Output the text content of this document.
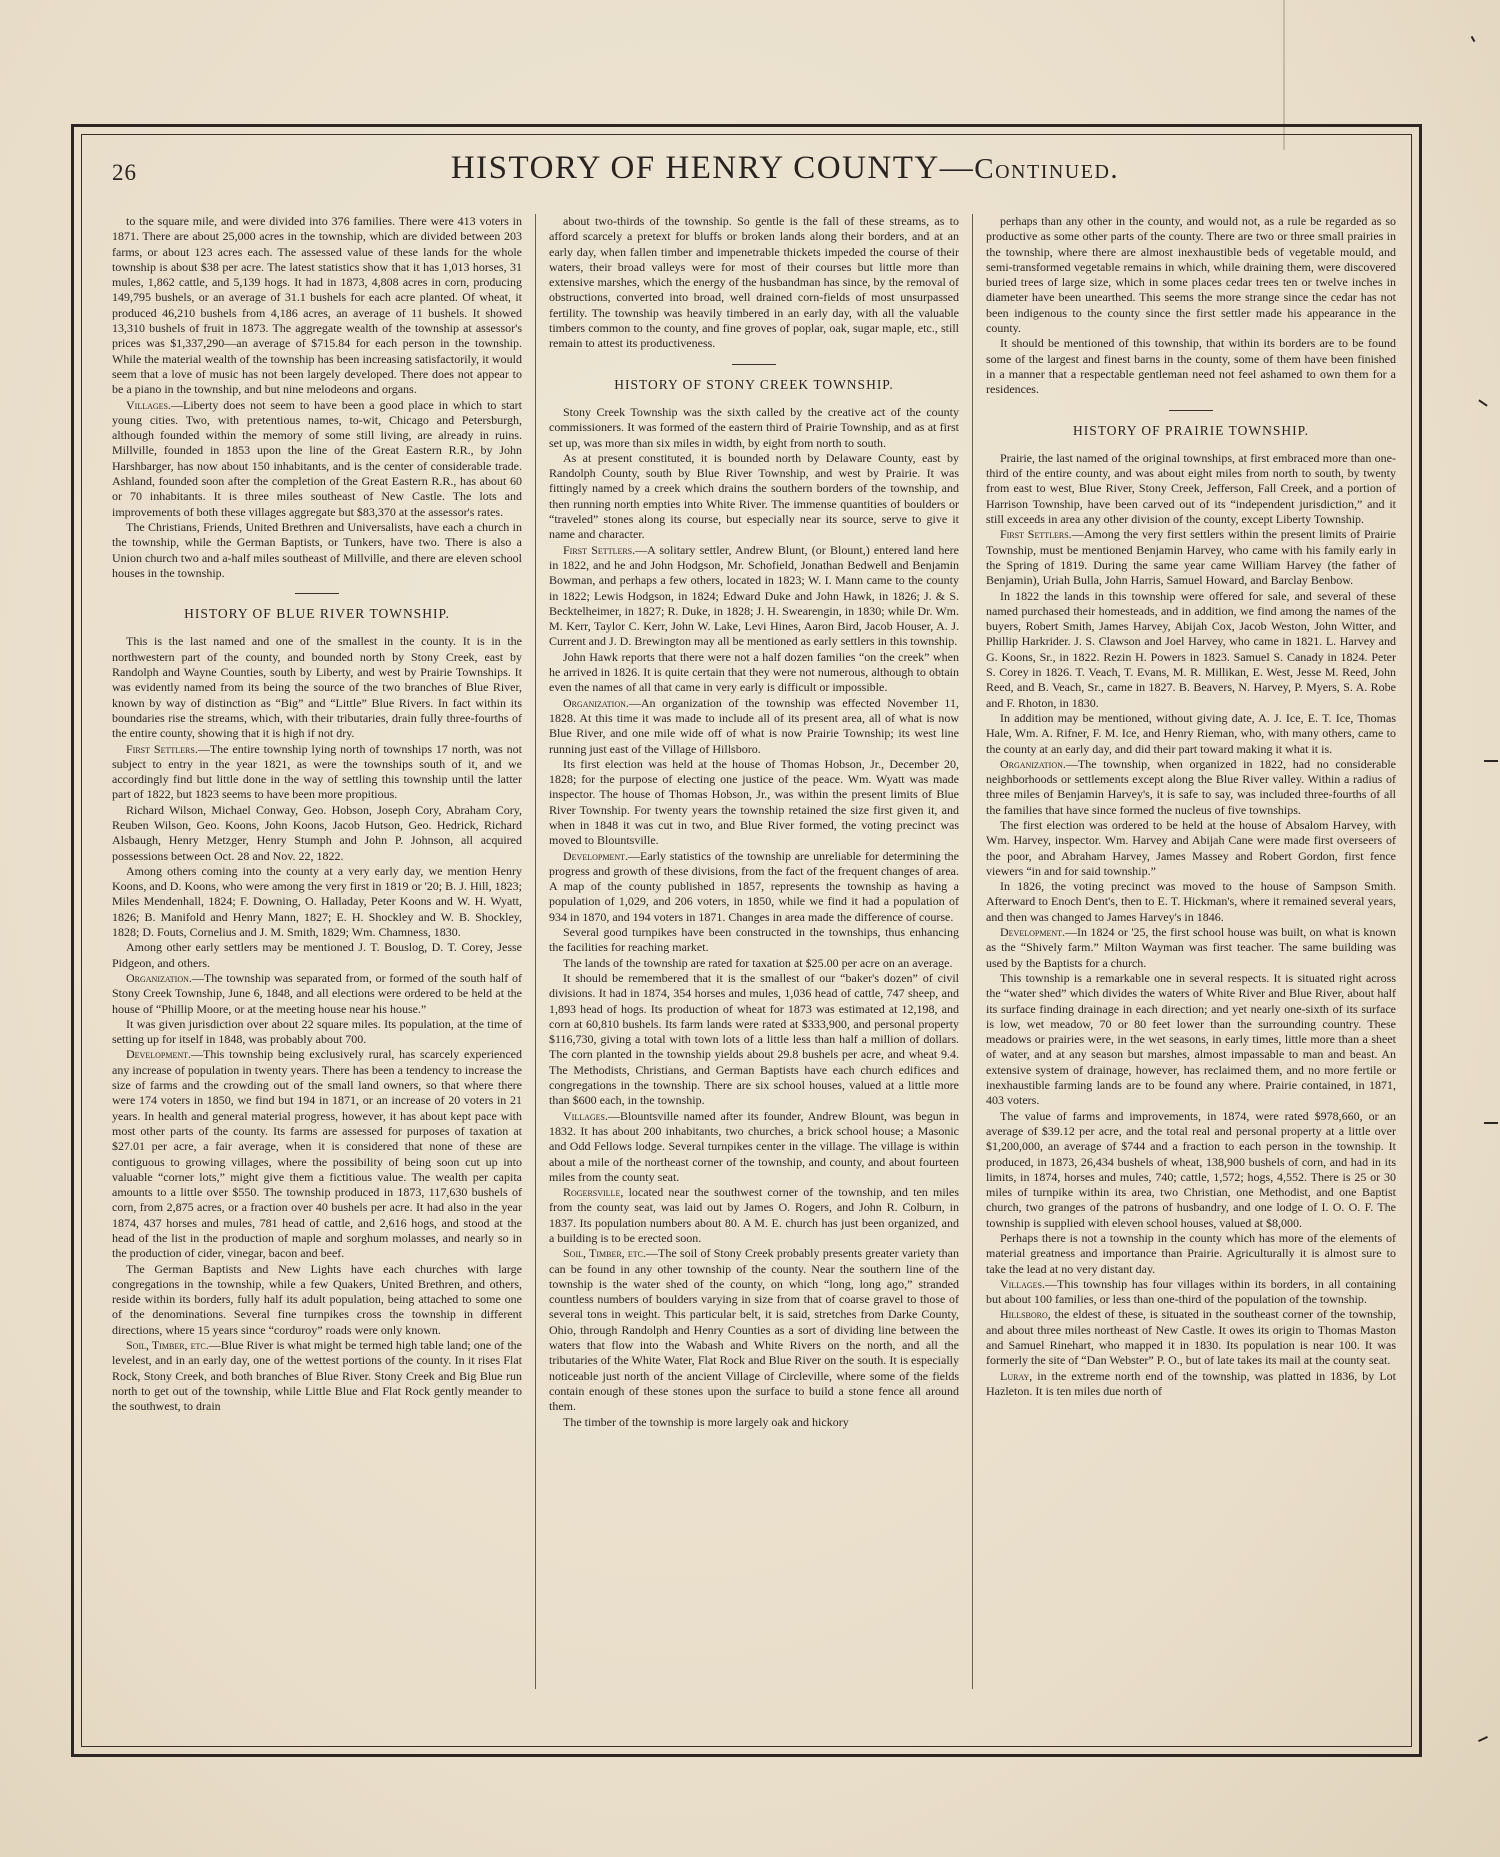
26	HISTORY OF HENRY COUNTY—Continued.

to the square mile, and were divided into 376 families. There were 413 voters in 1871. There are about 25,000 acres in the township, which are divided between 203 farms, or about 123 acres each. The assessed value of these lands for the whole township is about $38 per acre. The latest statistics show that it has 1,013 horses, 31 mules, 1,862 cattle, and 5,139 hogs. It had in 1873, 4,808 acres in corn, producing 149,795 bushels, or an average of 31.1 bushels for each acre planted. Of wheat, it produced 46,210 bushels from 4,186 acres, an average of 11 bushels. It showed 13,310 bushels of fruit in 1873. The aggregate wealth of the township at assessor's prices was $1,337,290—an average of $715.84 for each person in the township. While the material wealth of the township has been increasing satisfactorily, it would seem that a love of music has not been largely developed. There does not appear to be a piano in the township, and but nine melodeons and organs.

Villages.—Liberty does not seem to have been a good place in which to start young cities. Two, with pretentious names, to-wit, Chicago and Petersburgh, although founded within the memory of some still living, are already in ruins. Millville, founded in 1853 upon the line of the Great Eastern R.R., by John Harshbarger, has now about 150 inhabitants, and is the center of considerable trade. Ashland, founded soon after the completion of the Great Eastern R.R., has about 60 or 70 inhabitants. It is three miles southeast of New Castle. The lots and improvements of both these villages aggregate but $83,370 at the assessor's rates.

The Christians, Friends, United Brethren and Universalists, have each a church in the township, while the German Baptists, or Tunkers, have two. There is also a Union church two and a-half miles southeast of Millville, and there are eleven school houses in the township.

HISTORY OF BLUE RIVER TOWNSHIP.

This is the last named and one of the smallest in the county. It is in the northwestern part of the county, and bounded north by Stony Creek, east by Randolph and Wayne Counties, south by Liberty, and west by Prairie Townships. It was evidently named from its being the source of the two branches of Blue River, known by way of distinction as “Big” and “Little” Blue Rivers. In fact within its boundaries rise the streams, which, with their tributaries, drain fully three-fourths of the entire county, showing that it is high if not dry.

First Settlers.—The entire township lying north of townships 17 north, was not subject to entry in the year 1821, as were the townships south of it, and we accordingly find but little done in the way of settling this township until the latter part of 1822, but 1823 seems to have been more propitious.

Richard Wilson, Michael Conway, Geo. Hobson, Joseph Cory, Abraham Cory, Reuben Wilson, Geo. Koons, John Koons, Jacob Hutson, Geo. Hedrick, Richard Alsbaugh, Henry Metzger, Henry Stumph and John P. Johnson, all acquired possessions between Oct. 28 and Nov. 22, 1822.

Among others coming into the county at a very early day, we mention Henry Koons, and D. Koons, who were among the very first in 1819 or '20; B. J. Hill, 1823; Miles Mendenhall, 1824; F. Downing, O. Halladay, Peter Koons and W. H. Wyatt, 1826; B. Manifold and Henry Mann, 1827; E. H. Shockley and W. B. Shockley, 1828; D. Fouts, Cornelius and J. M. Smith, 1829; Wm. Chamness, 1830.

Among other early settlers may be mentioned J. T. Bouslog, D. T. Corey, Jesse Pidgeon, and others.

Organization.—The township was separated from, or formed of the south half of Stony Creek Township, June 6, 1848, and all elections were ordered to be held at the house of “Phillip Moore, or at the meeting house near his house.”

It was given jurisdiction over about 22 square miles. Its population, at the time of setting up for itself in 1848, was probably about 700.

Development.—This township being exclusively rural, has scarcely experienced any increase of population in twenty years. There has been a tendency to increase the size of farms and the crowding out of the small land owners, so that where there were 174 voters in 1850, we find but 194 in 1871, or an increase of 20 voters in 21 years. In health and general material progress, however, it has about kept pace with most other parts of the county. Its farms are assessed for purposes of taxation at $27.01 per acre, a fair average, when it is considered that none of these are contiguous to growing villages, where the possibility of being soon cut up into valuable “corner lots,” might give them a fictitious value. The wealth per capita amounts to a little over $550. The township produced in 1873, 117,630 bushels of corn, from 2,875 acres, or a fraction over 40 bushels per acre. It had also in the year 1874, 437 horses and mules, 781 head of cattle, and 2,616 hogs, and stood at the head of the list in the production of maple and sorghum molasses, and nearly so in the production of cider, vinegar, bacon and beef.

The German Baptists and New Lights have each churches with large congregations in the township, while a few Quakers, United Brethren, and others, reside within its borders, fully half its adult population, being attached to some one of the denominations. Several fine turnpikes cross the township in different directions, where 15 years since “corduroy” roads were only known.

Soil, Timber, etc.—Blue River is what might be termed high table land; one of the levelest, and in an early day, one of the wettest portions of the county. In it rises Flat Rock, Stony Creek, and both branches of Blue River. Stony Creek and Big Blue run north to get out of the township, while Little Blue and Flat Rock gently meander to the southwest, to drain

about two-thirds of the township. So gentle is the fall of these streams, as to afford scarcely a pretext for bluffs or broken lands along their borders, and at an early day, when fallen timber and impenetrable thickets impeded the course of their waters, their broad valleys were for most of their courses but little more than extensive marshes, which the energy of the husbandman has since, by the removal of obstructions, converted into broad, well drained corn-fields of most unsurpassed fertility. The township was heavily timbered in an early day, with all the valuable timbers common to the county, and fine groves of poplar, oak, sugar maple, etc., still remain to attest its productiveness.

HISTORY OF STONY CREEK TOWNSHIP.

Stony Creek Township was the sixth called by the creative act of the county commissioners. It was formed of the eastern third of Prairie Township, and as at first set up, was more than six miles in width, by eight from north to south.

As at present constituted, it is bounded north by Delaware County, east by Randolph County, south by Blue River Township, and west by Prairie. It was fittingly named by a creek which drains the southern borders of the township, and then running north empties into White River. The immense quantities of boulders or “traveled” stones along its course, but especially near its source, serve to give it name and character.

First Settlers.—A solitary settler, Andrew Blunt, (or Blount,) entered land here in 1822, and he and John Hodgson, Mr. Schofield, Jonathan Bedwell and Benjamin Bowman, and perhaps a few others, located in 1823; W. I. Mann came to the county in 1822; Lewis Hodgson, in 1824; Edward Duke and John Hawk, in 1826; J. & S. Becktelheimer, in 1827; R. Duke, in 1828; J. H. Swearengin, in 1830; while Dr. Wm. M. Kerr, Taylor C. Kerr, John W. Lake, Levi Hines, Aaron Bird, Jacob Houser, A. J. Current and J. D. Brewington may all be mentioned as early settlers in this township.

John Hawk reports that there were not a half dozen families “on the creek” when he arrived in 1826. It is quite certain that they were not numerous, although to obtain even the names of all that came in very early is difficult or impossible.

Organization.—An organization of the township was effected November 11, 1828. At this time it was made to include all of its present area, all of what is now Blue River, and one mile wide off of what is now Prairie Township; its west line running just east of the Village of Hillsboro.

Its first election was held at the house of Thomas Hobson, Jr., December 20, 1828; for the purpose of electing one justice of the peace. Wm. Wyatt was made inspector. The house of Thomas Hobson, Jr., was within the present limits of Blue River Township. For twenty years the township retained the size first given it, and when in 1848 it was cut in two, and Blue River formed, the voting precinct was moved to Blountsville.

Development.—Early statistics of the township are unreliable for determining the progress and growth of these divisions, from the fact of the frequent changes of area. A map of the county published in 1857, represents the township as having a population of 1,029, and 206 voters, in 1850, while we find it had a population of 934 in 1870, and 194 voters in 1871. Changes in area made the difference of course.

Several good turnpikes have been constructed in the townships, thus enhancing the facilities for reaching market.

The lands of the township are rated for taxation at $25.00 per acre on an average.

It should be remembered that it is the smallest of our “baker's dozen” of civil divisions. It had in 1874, 354 horses and mules, 1,036 head of cattle, 747 sheep, and 1,893 head of hogs. Its production of wheat for 1873 was estimated at 12,198, and corn at 60,810 bushels. Its farm lands were rated at $333,900, and personal property $116,730, giving a total with town lots of a little less than half a million of dollars. The corn planted in the township yields about 29.8 bushels per acre, and wheat 9.4. The Methodists, Christians, and German Baptists have each church edifices and congregations in the township. There are six school houses, valued at a little more than $600 each, in the township.

Villages.—Blountsville named after its founder, Andrew Blount, was begun in 1832. It has about 200 inhabitants, two churches, a brick school house; a Masonic and Odd Fellows lodge. Several turnpikes center in the village. The village is within about a mile of the northeast corner of the township, and county, and about fourteen miles from the county seat.

Rogersville, located near the southwest corner of the township, and ten miles from the county seat, was laid out by James O. Rogers, and John R. Colburn, in 1837. Its population numbers about 80. A M. E. church has just been organized, and a building is to be erected soon.

Soil, Timber, etc.—The soil of Stony Creek probably presents greater variety than can be found in any other township of the county. Near the southern line of the township is the water shed of the county, on which “long, long ago,” stranded countless numbers of boulders varying in size from that of coarse gravel to those of several tons in weight. This particular belt, it is said, stretches from Darke County, Ohio, through Randolph and Henry Counties as a sort of dividing line between the waters that flow into the Wabash and White Rivers on the north, and all the tributaries of the White Water, Flat Rock and Blue River on the south. It is especially noticeable just north of the ancient Village of Circleville, where some of the fields contain enough of these stones upon the surface to build a stone fence all around them.

The timber of the township is more largely oak and hickory

perhaps than any other in the county, and would not, as a rule be regarded as so productive as some other parts of the county. There are two or three small prairies in the township, where there are almost inexhaustible beds of vegetable mould, and semi-transformed vegetable remains in which, while draining them, were discovered buried trees of large size, which in some places cedar trees ten or twelve inches in diameter have been unearthed. This seems the more strange since the cedar has not been indigenous to the county since the first settler made his appearance in the county.

It should be mentioned of this township, that within its borders are to be found some of the largest and finest barns in the county, some of them have been finished in a manner that a respectable gentleman need not feel ashamed to own them for a residences.

HISTORY OF PRAIRIE TOWNSHIP.

Prairie, the last named of the original townships, at first embraced more than one-third of the entire county, and was about eight miles from north to south, by twenty from east to west, Blue River, Stony Creek, Jefferson, Fall Creek, and a portion of Harrison Township, have been carved out of its “independent jurisdiction,” and it still exceeds in area any other division of the county, except Liberty Township.

First Settlers.—Among the very first settlers within the present limits of Prairie Township, must be mentioned Benjamin Harvey, who came with his family early in the Spring of 1819. During the same year came William Harvey (the father of Benjamin), Uriah Bulla, John Harris, Samuel Howard, and Barclay Benbow.

In 1822 the lands in this township were offered for sale, and several of these named purchased their homesteads, and in addition, we find among the names of the buyers, Robert Smith, James Harvey, Abijah Cox, Jacob Weston, John Witter, and Phillip Harkrider. J. S. Clawson and Joel Harvey, who came in 1821. L. Harvey and G. Koons, Sr., in 1822. Rezin H. Powers in 1823. Samuel S. Canady in 1824. Peter S. Corey in 1826. T. Veach, T. Evans, M. R. Millikan, E. West, Jesse M. Reed, John Reed, and B. Veach, Sr., came in 1827. B. Beavers, N. Harvey, P. Myers, S. A. Robe and F. Rhoton, in 1830.

In addition may be mentioned, without giving date, A. J. Ice, E. T. Ice, Thomas Hale, Wm. A. Rifner, F. M. Ice, and Henry Rieman, who, with many others, came to the county at an early day, and did their part toward making it what it is.

Organization.—The township, when organized in 1822, had no considerable neighborhoods or settlements except along the Blue River valley. Within a radius of three miles of Benjamin Harvey's, it is safe to say, was included three-fourths of all the families that have since formed the nucleus of five townships.

The first election was ordered to be held at the house of Absalom Harvey, with Wm. Harvey, inspector. Wm. Harvey and Abijah Cane were made first overseers of the poor, and Abraham Harvey, James Massey and Robert Gordon, first fence viewers “in and for said township.”

In 1826, the voting precinct was moved to the house of Sampson Smith. Afterward to Enoch Dent's, then to E. T. Hickman's, where it remained several years, and then was changed to James Harvey's in 1846.

Development.—In 1824 or '25, the first school house was built, on what is known as the “Shively farm.” Milton Wayman was first teacher. The same building was used by the Baptists for a church.

This township is a remarkable one in several respects. It is situated right across the “water shed” which divides the waters of White River and Blue River, about half its surface finding drainage in each direction; and yet nearly one-sixth of its surface is low, wet meadow, 70 or 80 feet lower than the surrounding country. These meadows or prairies were, in the wet seasons, in early times, little more than a sheet of water, and at any season but marshes, almost impassable to man and beast. An extensive system of drainage, however, has reclaimed them, and no more fertile or inexhaustible farming lands are to be found any where. Prairie contained, in 1871, 403 voters.

The value of farms and improvements, in 1874, were rated $978,660, or an average of $39.12 per acre, and the total real and personal property at a little over $1,200,000, an average of $744 and a fraction to each person in the township. It produced, in 1873, 26,434 bushels of wheat, 138,900 bushels of corn, and had in its limits, in 1874, horses and mules, 740; cattle, 1,572; hogs, 4,552. There is 25 or 30 miles of turnpike within its area, two Christian, one Methodist, and one Baptist church, two granges of the patrons of husbandry, and one lodge of I. O. O. F. The township is supplied with eleven school houses, valued at $8,000.

Perhaps there is not a township in the county which has more of the elements of material greatness and importance than Prairie. Agriculturally it is almost sure to take the lead at no very distant day.

Villages.—This township has four villages within its borders, in all containing but about 100 families, or less than one-third of the population of the township.

Hillsboro, the eldest of these, is situated in the southeast corner of the township, and about three miles northeast of New Castle. It owes its origin to Thomas Maston and Samuel Rinehart, who mapped it in 1830. Its population is near 100. It was formerly the site of “Dan Webster” P. O., but of late takes its mail at the county seat.

Luray, in the extreme north end of the township, was platted in 1836, by Lot Hazleton. It is ten miles due north of
